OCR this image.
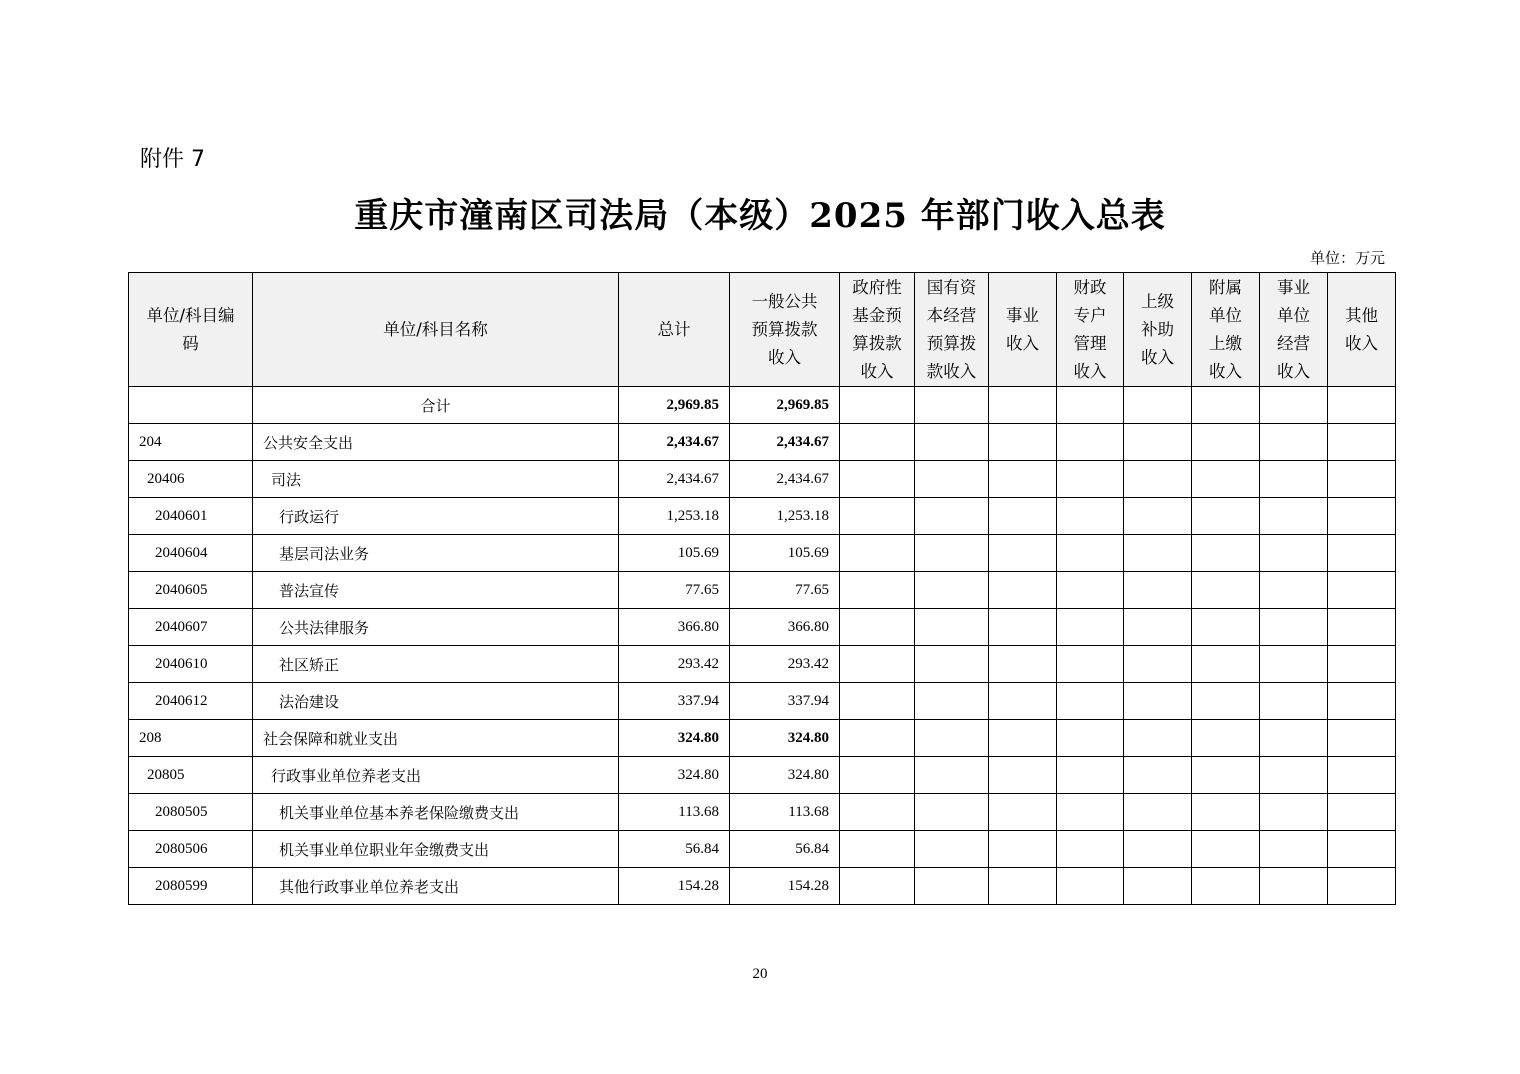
附件 7
重庆市潼南区司法局（本级）2025 年部门收入总表
单位：万元
单位/科目编码	单位/科目名称	总计	一般公共预算拨款收入	政府性基金预算拨款收入	国有资本经营预算拨款收入	事业收入	财政专户管理收入	上级补助收入	附属单位上缴收入	事业单位经营收入	其他收入

	合计	2,969.85	2,969.85								
204	公共安全支出	2,434.67	2,434.67								
20406	司法	2,434.67	2,434.67								
2040601	行政运行	1,253.18	1,253.18								
2040604	基层司法业务	105.69	105.69								
2040605	普法宣传	77.65	77.65								
2040607	公共法律服务	366.80	366.80								
2040610	社区矫正	293.42	293.42								
2040612	法治建设	337.94	337.94								
208	社会保障和就业支出	324.80	324.80								
20805	行政事业单位养老支出	324.80	324.80								
2080505	机关事业单位基本养老保险缴费支出	113.68	113.68								
2080506	机关事业单位职业年金缴费支出	56.84	56.84								
2080599	其他行政事业单位养老支出	154.28	154.28								
20
